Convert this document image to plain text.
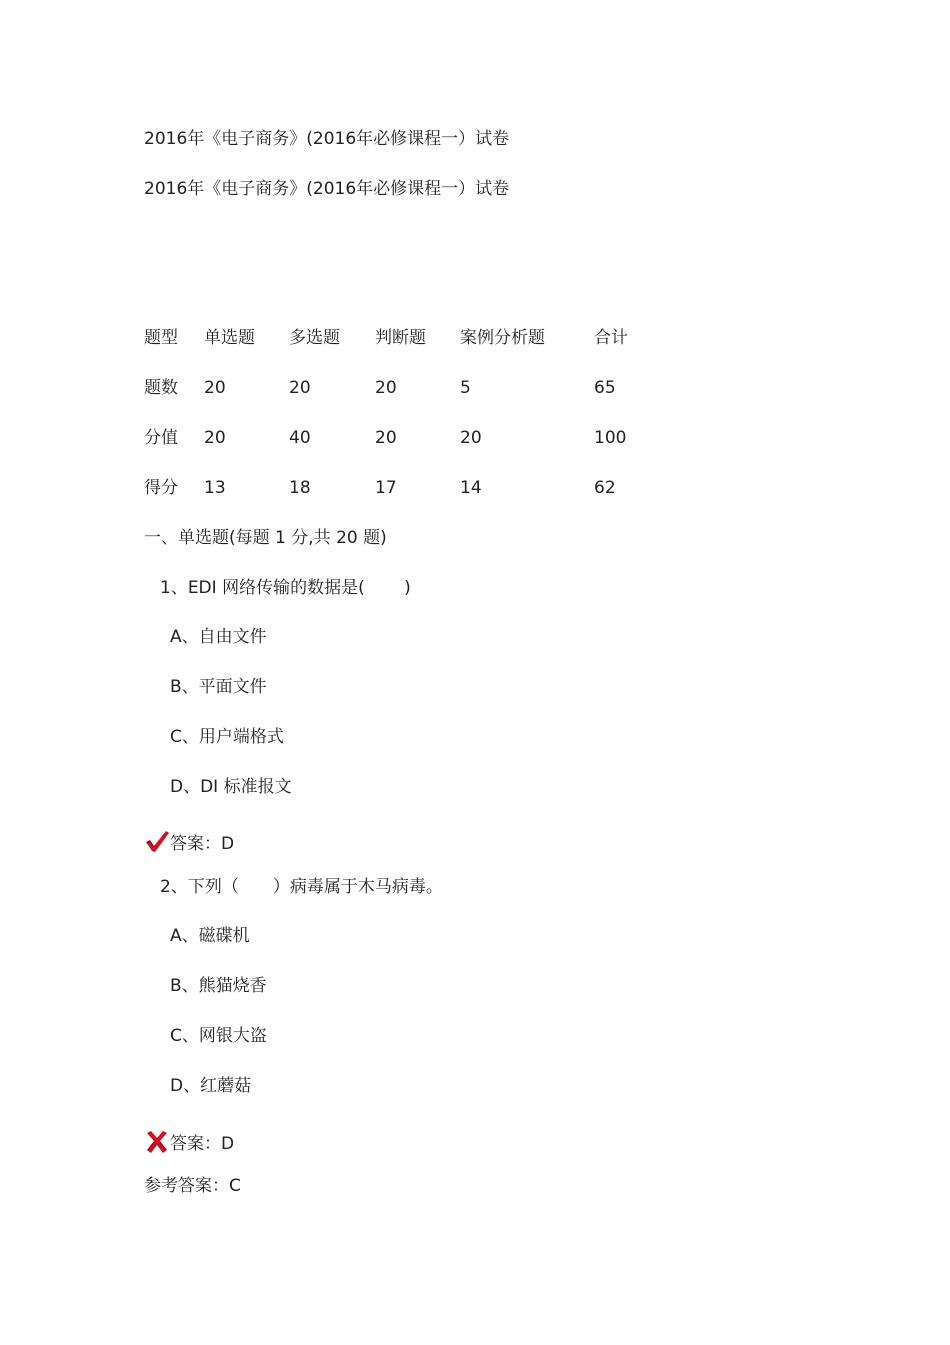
2016年《电子商务》(2016年必修课程一）试卷
2016年《电子商务》(2016年必修课程一）试卷
题型 单选题 多选题 判断题 案例分析题	合计
题数 20	20	20	5	65
分值 20	40	20	20	100
得分 13	18	17	14	62
一、单选题(每题 1 分,共 20 题)
1、EDI 网络传输的数据是(　　 )
A、自由文件
B、平面文件
C、用户端格式
D、DI 标准报文
答案：D
2、下列（　　）病毒属于木马病毒。
A、磁碟机
B、熊猫烧香
C、网银大盗
D、红蘑菇
答案：D
参考答案：C
